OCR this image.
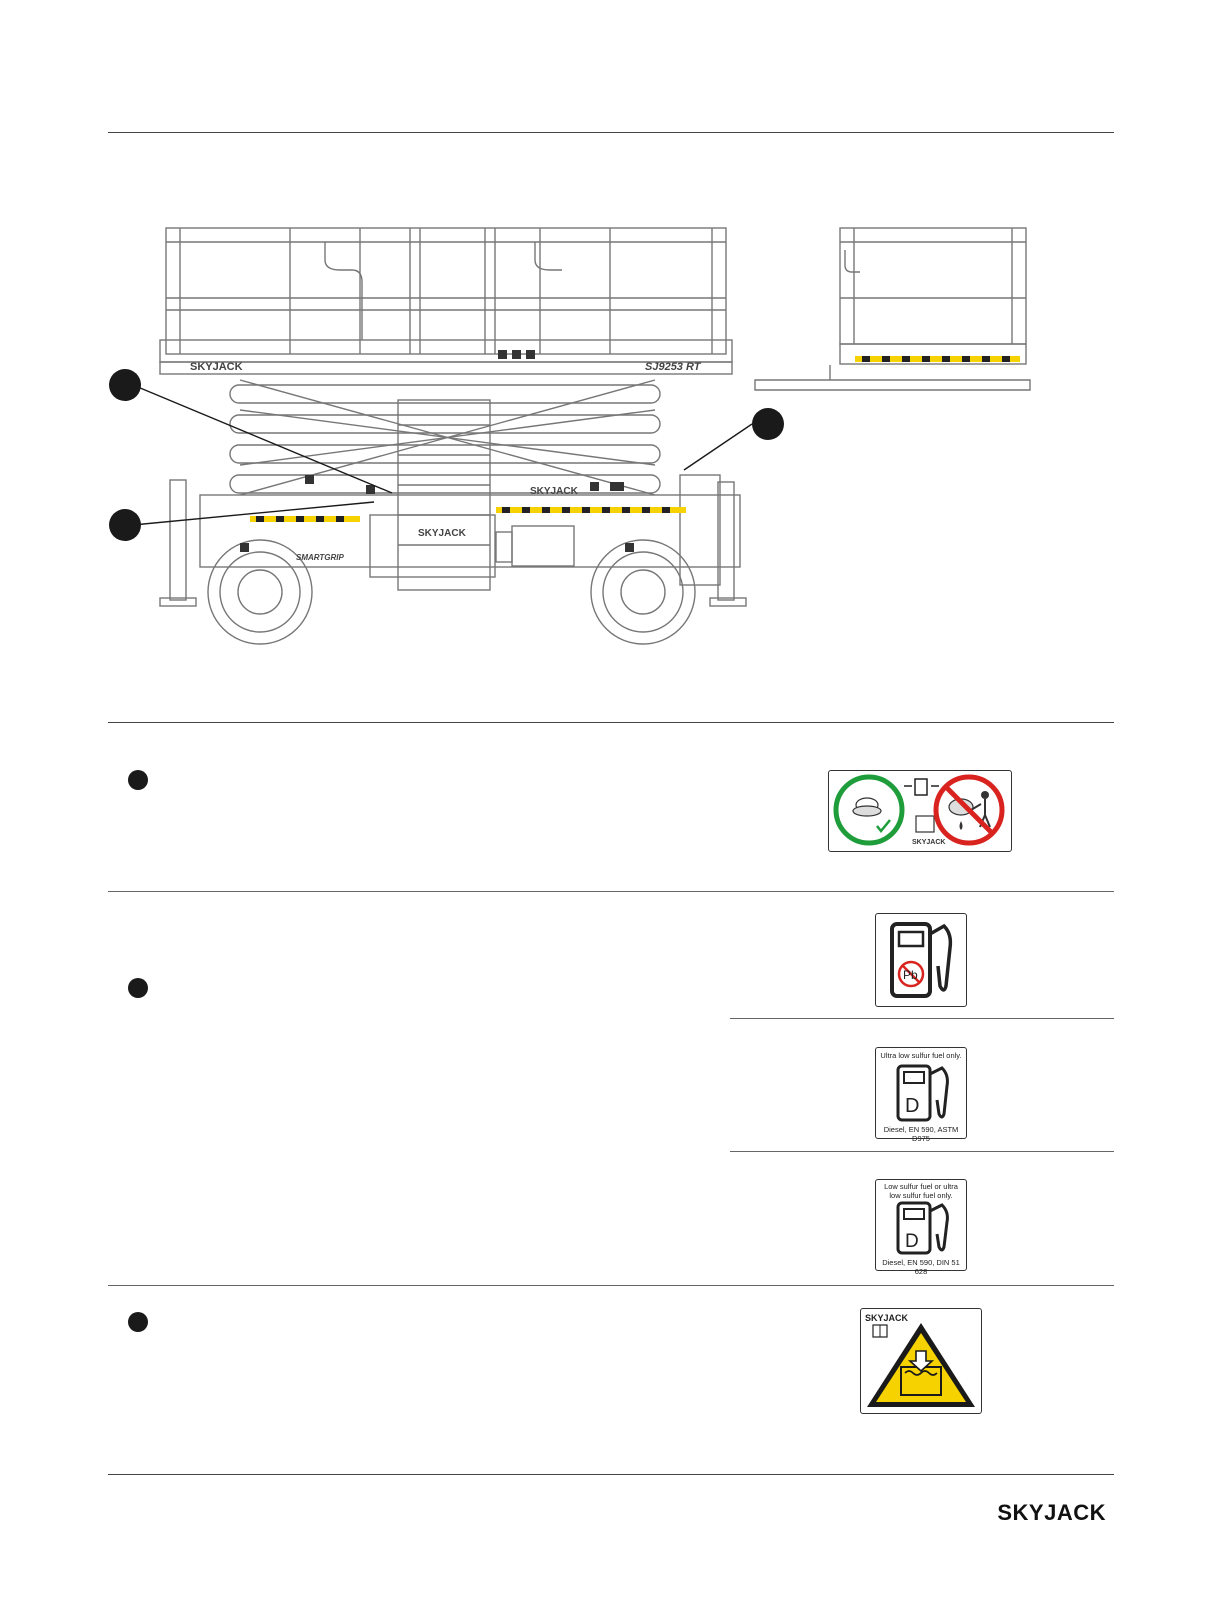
SKYJACK	SJ9253 RT
SKYJACK
SKYJACK
SMARTGRIP
SKYJACK
Pb
Ultra low sulfur fuel only.
D
Diesel, EN 590, ASTM D975
Low sulfur fuel or ultra low sulfur fuel only.
D
Diesel, EN 590, DIN 51 628
SKYJACK
SKYJACK
